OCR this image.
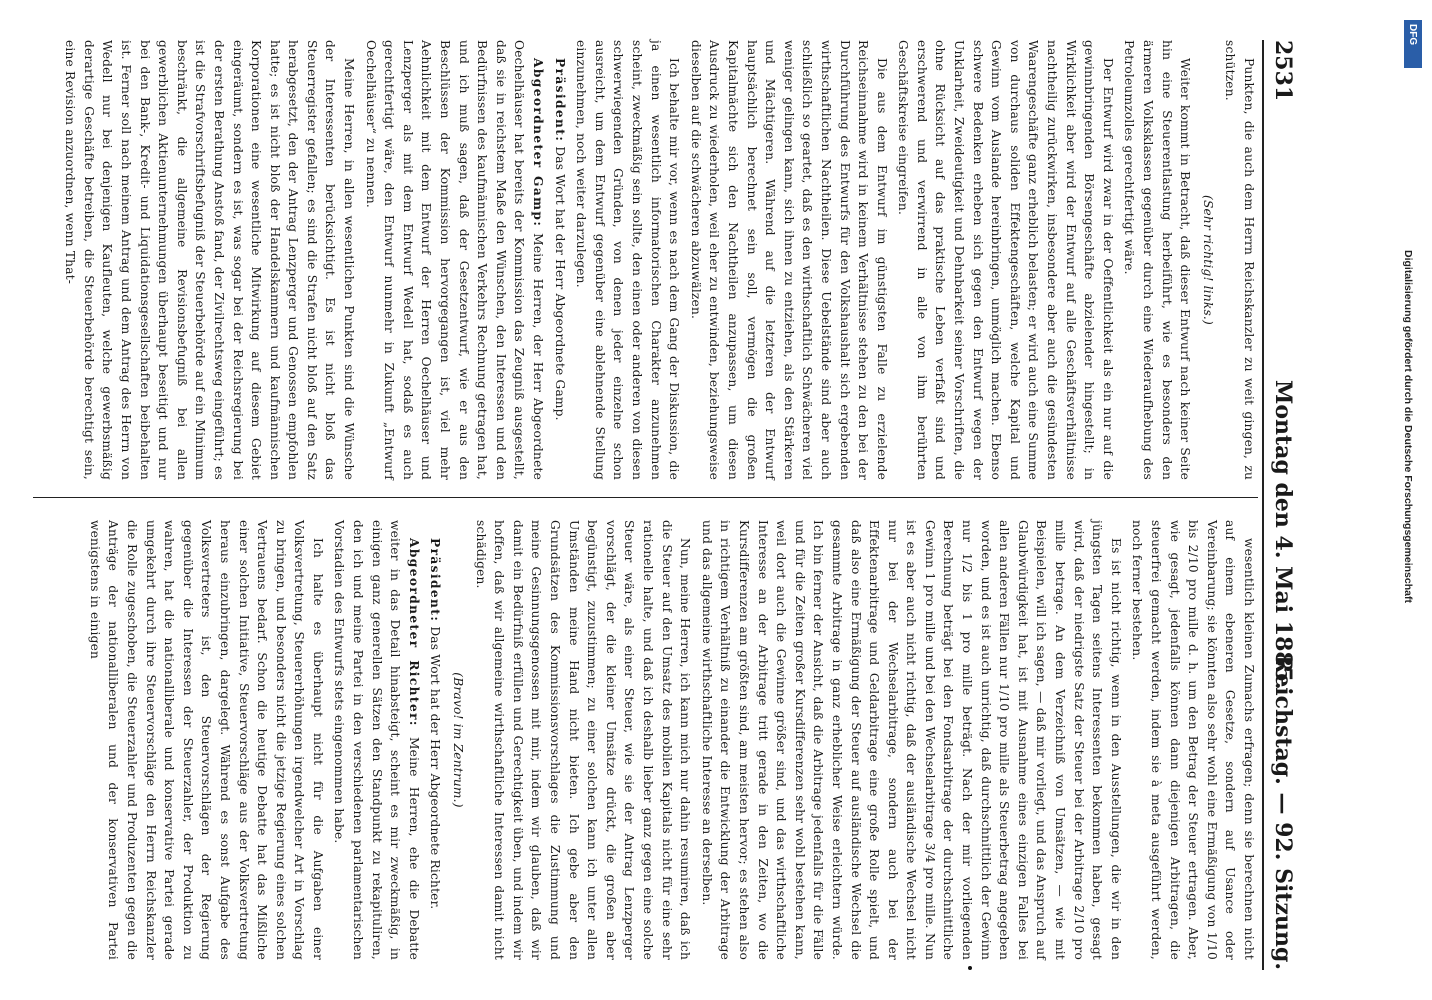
2531
Montag den 4. Mai 1885.
Reichstag. — 92. Sitzung.

Punkten, die auch dem Herrn Reichskanzler zu weit gingen, zu schützen.

(Sehr richtig! links.)

Weiter kommt in Betracht, daß dieser Entwurf nach keiner Seite hin eine Steuerentlastung herbeiführt, wie es besonders den ärmeren Volksklassen gegenüber durch eine Wiederaufhebung des Petroleumzolles gerechtfertigt wäre.

Der Entwurf wird zwar in der Oeffentlichkeit als ein nur auf die gewinnbringenden Börsengeschäfte abzielender hingestellt; in Wirklichkeit aber wird der Entwurf auf alle Geschäftsverhältnisse nachtheilig zurückwirken, insbesondere aber auch die gesündesten Waarengeschäfte ganz erheblich belasten; er wird auch eine Summe von durchaus soliden Effektengeschäften, welche Kapital und Gewinn vom Auslande hereinbringen, unmöglich machen. Ebenso schwere Bedenken erheben sich gegen den Entwurf wegen der Unklarheit, Zweideutigkeit und Dehnbarkeit seiner Vorschriften, die ohne Rücksicht auf das praktische Leben verfaßt sind und erschwerend und verwirrend in alle von ihm berührten Geschäftskreise eingreifen.

Die aus dem Entwurf im günstigsten Falle zu erzielende Reichseinnahme wird in keinem Verhältnisse stehen zu den bei der Durchführung des Entwurfs für den Volkshaushalt sich ergebenden wirthschaftlichen Nachtheilen. Diese Uebelstände sind aber auch schließlich so geartet, daß es den wirthschaftlich Schwächeren viel weniger gelingen kann, sich ihnen zu entziehen, als den Stärkeren und Mächtigeren. Während auf die letzteren der Entwurf hauptsächlich berechnet sein soll, vermögen die großen Kapitalmächte sich den Nachtheilen anzupassen, um diesen Ausdruck zu wiederholen, weil eher zu entwinden, beziehungsweise dieselben auf die schwächeren abzuwälzen.

Ich behalte mir vor, wenn es nach dem Gang der Diskussion, die ja einen wesentlich informatorischen Charakter anzunehmen scheint, zweckmäßig sein sollte, den einen oder anderen von diesen schwerwiegenden Gründen, von denen jeder einzelne schon ausreicht, um dem Entwurf gegenüber eine ablehnende Stellung einzunehmen, noch weiter darzulegen.

Präsident: Das Wort hat der Herr Abgeordnete Gamp.

Abgeordneter Gamp: Meine Herren, der Herr Abgeordnete Oechelhäuser hat bereits der Kommission das Zeugniß ausgestellt, daß sie in reichstem Maße den Wünschen, den Interessen und den Bedürfnissen des kaufmännischen Verkehrs Rechnung getragen hat, und ich muß sagen, daß der Gesetzentwurf, wie er aus den Beschlüssen der Kommission hervorgegangen ist, viel mehr Aehnlichkeit mit dem Entwurf der Herren Oechelhäuser und Lenzperger als mit dem Entwurf Wedell hat, sodaß es auch gerechtfertigt wäre, den Entwurf nunmehr in Zukunft „Entwurf Oechelhäuser“ zu nennen.

Meine Herren, in allen wesentlichen Punkten sind die Wünsche der Interessenten berücksichtigt. Es ist nicht bloß das Steuerregister gefallen; es sind die Strafen nicht bloß auf den Satz herabgesetzt, den der Antrag Lenzperger und Genossen empfohlen hatte; es ist nicht bloß der Handelskammern und kaufmännischen Korporationen eine wesentliche Mitwirkung auf diesem Gebiet eingeräumt, sondern es ist, was sogar bei der Reichsregierung bei der ersten Berathung Anstoß fand, der Zivilrechtsweg eingeführt; es ist die Strafvorschriftsbefugniß der Steuerbehörde auf ein Minimum beschränkt, die allgemeine Revisionsbefugniß bei allen gewerblichen Aktienunternehmungen überhaupt beseitigt und nur bei den Bank-, Kredit- und Liquidationsgesellschaften beibehalten ist. Ferner soll nach meinem Antrag und dem Antrag des Herrn von Wedell nur bei denjenigen Kaufleuten, welche gewerbsmäßig derartige Geschäfte betreiben, die Steuerbehörde berechtigt sein, eine Revision anzuordnen, wenn That-

wesentlich kleinen Zumachs erfragen; denn sie berechnen nicht auf einem ebeneren Gesetze, sondern auf Usance oder Vereinbarung; sie könnten also sehr wohl eine Ermäßigung von 1/10 bis 2/10 pro mille d. h. um den Betrag der Steuer ertragen. Aber, wie gesagt, jedenfalls können dann diejenigen Arbitragen, die steuerfrei gemacht werden, indem sie à meta ausgeführt werden, noch ferner bestehen.

Es ist nicht richtig, wenn in den Ausstellungen, die wir in den jüngsten Tagen seitens Interessenten bekommen haben, gesagt wird, daß der niedrigste Satz der Steuer bei der Arbitrage 2/10 pro mille betrage. An dem Verzeichniß von Umsätzen, — wie mit Beispielen, will ich sagen, — daß mir vorliegt, und das Anspruch auf Glaubwürdigkeit hat, ist mit Ausnahme eines einzigen Falles bei allen anderen Fällen nur 1/10 pro mille als Steuerbetrag angegeben worden, und es ist auch unrichtig, daß durchschnittlich der Gewinn nur 1/2 bis 1 pro mille beträgt. Nach der mir vorliegenden Berechnung beträgt bei den Fondsarbitrage der durchschnittliche Gewinn 1 pro mille und bei den Wechselarbitrage 3/4 pro mille. Nun ist es aber auch nicht richtig, daß der ausländische Wechsel nicht nur bei der Wechselarbitrage, sondern auch bei der Effektenarbitrage und Geldarbitrage eine große Rolle spielt, und daß also eine Ermäßigung der Steuer auf ausländische Wechsel die gesammte Arbitrage in ganz erheblicher Weise erleichtern würde. Ich bin ferner der Ansicht, daß die Arbitrage jedenfalls für die Fälle und für die Zeiten großer Kursdifferenzen sehr wohl bestehen kann, weil dort auch die Gewinne größer sind, und das wirthschaftliche Interesse an der Arbitrage tritt gerade in den Zeiten, wo die Kursdifferenzen am größten sind, am meisten hervor; es stehen also in richtigem Verhältniß zu einander die Entwicklung der Arbitrage und das allgemeine wirthschaftliche Interesse an derselben.

Nun, meine Herren, ich kann mich nur dahin resumiren, daß ich die Steuer auf den Umsatz des mobilen Kapitals nicht für eine sehr rationelle halte, und daß ich deshalb lieber ganz gegen eine solche Steuer wäre, als einer Steuer, wie sie der Antrag Lenzperger vorschlägt, der die kleiner Umsätze drückt, die großen aber begünstigt, zuzustimmen; zu einer solchen kann ich unter allen Umständen meine Hand nicht bieten. Ich gebe aber den Grundsätzen des Kommissionsvorschlages die Zustimmung und meine Gesinnungsgenossen mit mir, indem wir glauben, daß wir damit ein Bedürfniß erfüllen und Gerechtigkeit üben, und indem wir hoffen, daß wir allgemeine wirthschaftliche Interessen damit nicht schädigen.

(Bravo! im Zentrum.)

Präsident: Das Wort hat der Herr Abgeordnete Richter.

Abgeordneter Richter: Meine Herren, ehe die Debatte weiter in das Detail hinabsteigt, scheint es mir zweckmäßig, in einigen ganz generellen Sätzen den Standpunkt zu rekapituliren, den ich und meine Partei in den verschiedenen parlamentarischen Vorstadien des Entwurfs stets eingenommen habe.

Ich halte es überhaupt nicht für die Aufgaben einer Volksvertretung, Steuererhöhungen irgendwelcher Art in Vorschlag zu bringen, und besonders nicht die jetzige Regierung eines solchen Vertrauens bedarf. Schon die heutige Debatte hat das Mißliche einer solchen Initiative, Steuervorschläge aus der Volksvertretung heraus einzubringen, dargelegt. Während es sonst Aufgabe des Volksvertreters ist, den Steuervorschlägen der Regierung gegenüber die Interessen der Steuerzahler, der Produktion zu wahren, hat die nationalliberale und konservative Partei gerade umgekehrt durch ihre Steuervorschläge den Herrn Reichskanzler die Rolle zugeschoben, die Steuerzahler und Produzenten gegen die Anträge der nationalliberalen und der konservativen Partei wenigstens in einigen

DFG
Digitalisierung gefördert durch die Deutsche Forschungsgemeinschaft
